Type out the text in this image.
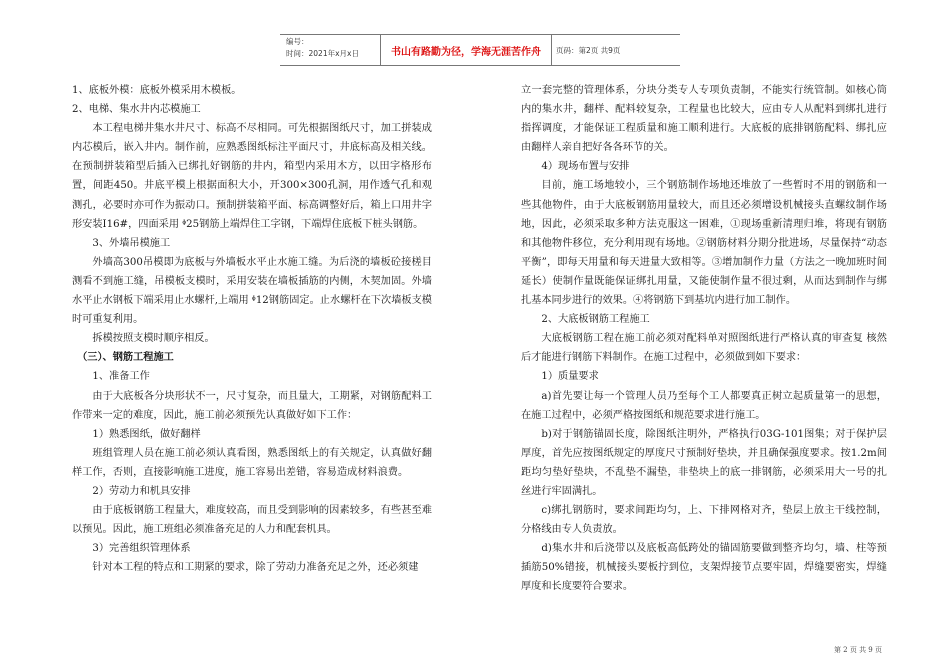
编号：
时间：2021年x月x日	书山有路勤为径，学海无涯苦作舟	页码：第2页 共9页

1、底板外模：底板外模采用木模板。

2、电梯、集水井内芯模施工

本工程电梯井集水井尺寸、标高不尽相同。可先根据图纸尺寸，加工拼装成内芯模后，嵌入井内。制作前，应熟悉图纸标注平面尺寸，井底标高及相关线。在预制拼装箱型后插入已绑扎好钢筋的井内，箱型内采用木方，以田字格形布置，间距450。井底平模上根据面积大小，开300×300孔洞，用作透气孔和观测孔，必要时亦可作为振动口。预制拼装箱平面、标高调整好后，箱上口用井字形安装I16#，四面采用 ᶲ25钢筋上端焊住工字钢，下端焊住底板下桩头钢筋。

3、外墙吊模施工

外墙高300吊模即为底板与外墙板水平止水施工缝。为后浇的墙板砼接槎目测看不到施工缝，吊模板支模时，采用安装在墙板插筋的内侧，木契加固。外墙水平止水钢板下端采用止水螺杆,上端用 ᶲ12钢筋固定。止水螺杆在下次墙板支模时可重复利用。

拆模按照支模时顺序相反。

（三）、钢筋工程施工

1、准备工作

由于大底板各分块形状不一，尺寸复杂，而且量大，工期紧，对钢筋配料工作带来一定的难度，因此，施工前必须预先认真做好如下工作：

1）熟悉图纸，做好翻样

班组管理人员在施工前必须认真看图，熟悉图纸上的有关规定，认真做好翻样工作，否则，直接影响施工进度，施工容易出差错，容易造成材料浪费。

2）劳动力和机具安排

由于底板钢筋工程量大，难度较高，而且受到影响的因素较多，有些甚至难以预见。因此，施工班组必须准备充足的人力和配套机具。

3）完善组织管理体系

针对本工程的特点和工期紧的要求，除了劳动力准备充足之外，还必须建

立一套完整的管理体系，分块分类专人专项负责制，不能实行统管制。如核心筒内的集水井，翻样、配料较复杂，工程量也比较大，应由专人从配料到绑扎进行指挥调度，才能保证工程质量和施工顺利进行。大底板的底排钢筋配料、绑扎应由翻样人亲自把好各各环节的关。

4）现场布置与安排

目前，施工场地较小，三个钢筋制作场地还堆放了一些暂时不用的钢筋和一些其他物件，由于大底板钢筋用量较大，而且还必须增设机械接头直螺纹制作场地，因此，必须采取多种方法克服这一困难，①现场重新清理归堆，将现有钢筋和其他物件移位，充分利用现有场地。②钢筋材料分期分批进场，尽量保持“动态平衡”，即每天用量和每天进量大致相等。③增加制作力量（方法之一晚加班时间延长）使制作量既能保证绑扎用量，又能使制作量不很过剩，从而达到制作与绑扎基本同步进行的效果。④将钢筋下到基坑内进行加工制作。

2、大底板钢筋工程施工

大底板钢筋工程在施工前必须对配料单对照图纸进行严格认真的审查复 核然后才能进行钢筋下料制作。在施工过程中，必须做到如下要求：

1）质量要求

a)首先要让每一个管理人员乃至每个工人都要真正树立起质量第一的思想，在施工过程中，必须严格按图纸和规范要求进行施工。

b)对于钢筋锚固长度，除图纸注明外，严格执行03G-101图集；对于保护层厚度，首先应按图纸规定的厚度尺寸预制好垫块，并且确保强度要求。按1.2m间距均匀垫好垫块，不乱垫不漏垫，非垫块上的底一排钢筋，必须采用大一号的扎丝进行牢固满扎。

c)绑扎钢筋时，要求间距均匀，上、下排网格对齐，垫层上放主干线控制，分格线由专人负责放。

d)集水井和后浇带以及底板高低跨处的锚固筋要做到整齐均匀，墙、柱等预插筋50%错接，机械接头要板拧到位，支架焊接节点要牢固，焊缝要密实，焊缝厚度和长度要符合要求。

第 2 页 共 9 页
